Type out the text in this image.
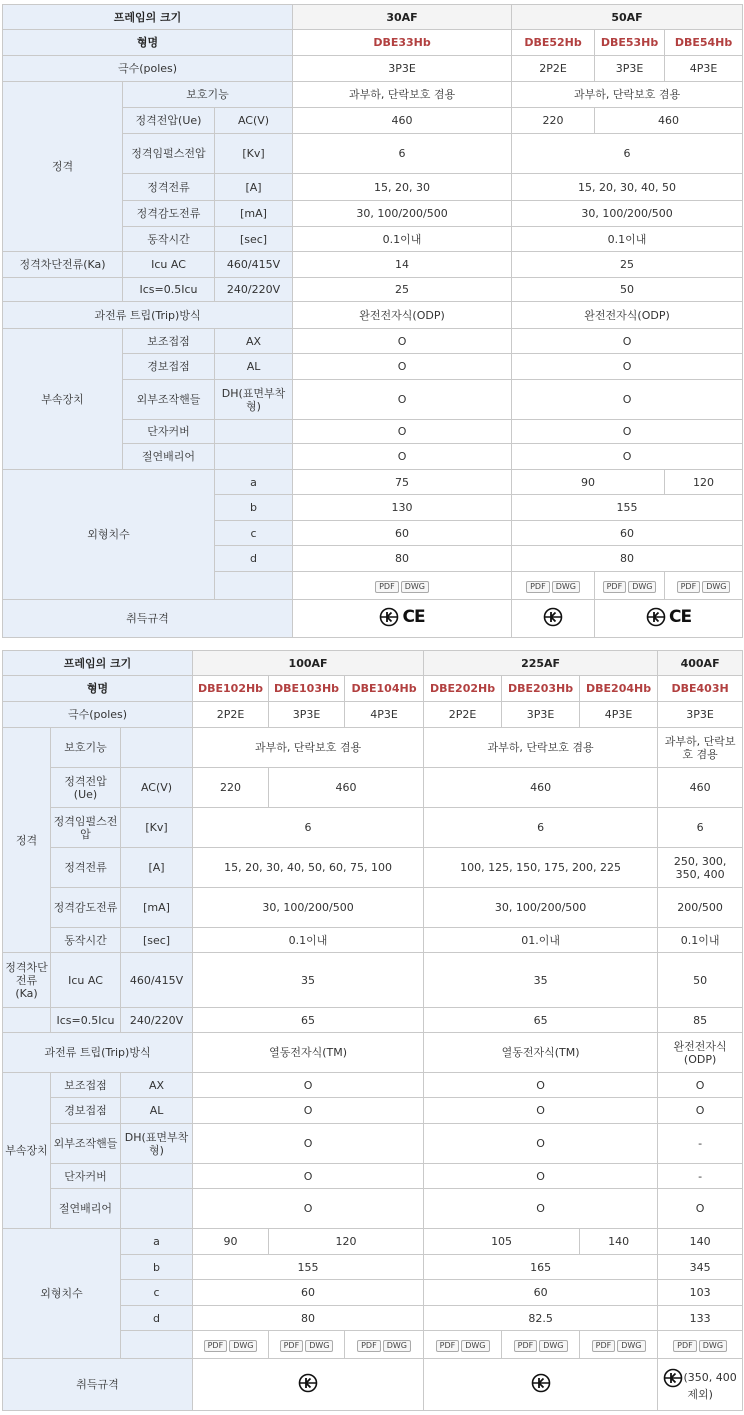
프레임의 크기			30AF	50AF		
형명			DBE33Hb	DBE52Hb	DBE53Hb	DBE54Hb
극수(poles)			3P3E	2P2E	3P3E	4P3E
정격	보호기능		과부하, 단락보호 겸용	과부하, 단락보호 겸용		
	정격전압(Ue)	AC(V)	460	220	460	
	정격임펄스전압	[Kv]	6	6		
	정격전류	[A]	15, 20, 30	15, 20, 30, 40, 50		
	정격감도전류	[mA]	30, 100/200/500	30, 100/200/500		
	동작시간	[sec]	0.1이내	0.1이내		
정격차단전류(Ka)	Icu AC	460/415V	14	25		
	Ics=0.5Icu	240/220V	25	50		
과전류 트립(Trip)방식			완전전자식(ODP)	완전전자식(ODP)		
부속장치	보조접점	AX	O	O		
	경보접점	AL	O	O		
	외부조작핸들	DH(표면부착형)	O	O		
	단자커버		O	O		
	절연배리어		O	O		
외형치수		a	75	90		120
		b	130	155		
		c	60	60		
		d	80	80		
			PDF DWG	PDF DWG	PDF DWG	PDF DWG
취득규격			CE		CE	
프레임의 크기			100AF			225AF			400AF
형명			DBE102Hb	DBE103Hb	DBE104Hb	DBE202Hb	DBE203Hb	DBE204Hb	DBE403H
극수(poles)			2P2E	3P3E	4P3E	2P2E	3P3E	4P3E	3P3E
정격	보호기능		과부하, 단락보호 겸용			과부하, 단락보호 겸용			과부하, 단락보호 겸용
	정격전압(Ue)	AC(V)	220	460		460			460
	정격임펄스전압	[Kv]	6			6			6
	정격전류	[A]	15, 20, 30, 40, 50, 60, 75, 100			100, 125, 150, 175, 200, 225			250, 300, 350, 400
	정격감도전류	[mA]	30, 100/200/500			30, 100/200/500			200/500
	동작시간	[sec]	0.1이내			01.이내			0.1이내
정격차단전류(Ka)	Icu AC	460/415V	35			35			50
	Ics=0.5Icu	240/220V	65			65			85
과전류 트립(Trip)방식			열동전자식(TM)			열동전자식(TM)			완전전자식(ODP)
부속장치	보조접점	AX	O			O			O
	경보접점	AL	O			O			O
	외부조작핸들	DH(표면부착형)	O			O			-
	단자커버		O			O			-
	절연배리어		O			O			O
외형치수		a	90	120		105		140	140
		b	155			165			345
		c	60			60			103
		d	80			82.5			133
			PDF DWG	PDF DWG	PDF DWG	PDF DWG	PDF DWG	PDF DWG	PDF DWG
취득규격									(350, 400제외)
